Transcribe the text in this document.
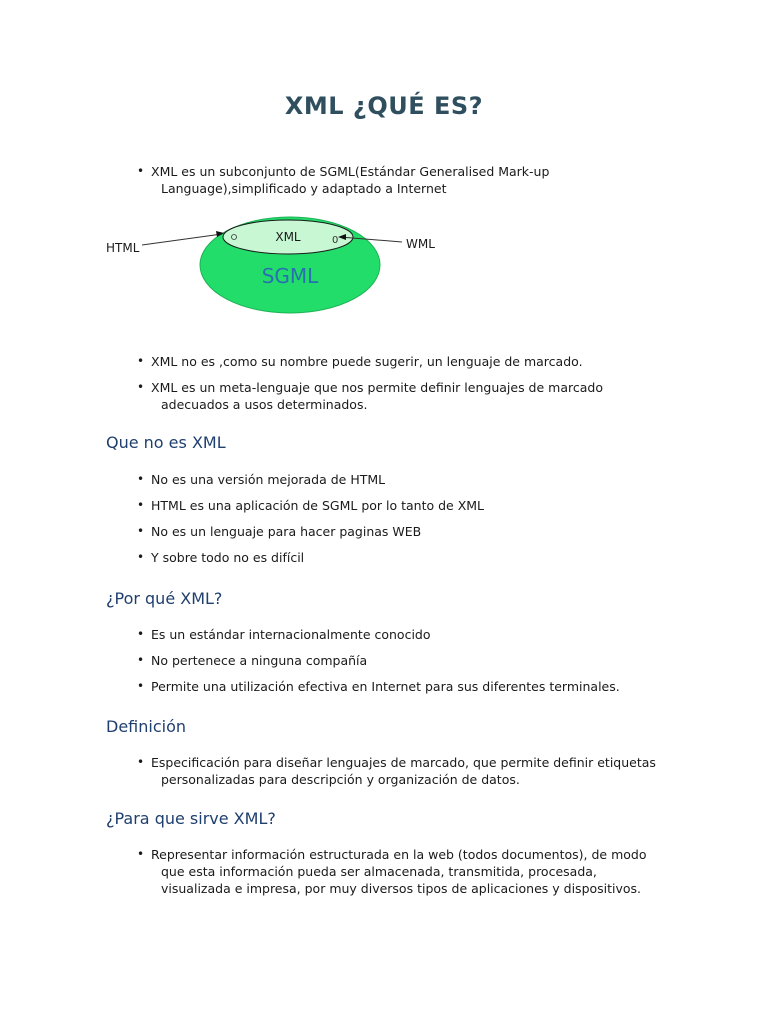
XML ¿QUÉ ES?
• XML es un subconjunto de SGML(Estándar Generalised Mark-up Language),simplificado y adaptado a Internet
0
HTML
XML	WML
SGML
• XML no es ,como su nombre puede sugerir, un lenguaje de marcado.
• XML es un meta-lenguaje que nos permite definir lenguajes de marcado adecuados a usos determinados.
Que no es XML
• No es una versión mejorada de HTML
• HTML es una aplicación de SGML por lo tanto de XML
• No es un lenguaje para hacer paginas WEB
• Y sobre todo no es difícil
¿Por qué XML?
• Es un estándar internacionalmente conocido
• No pertenece a ninguna compañía
• Permite una utilización efectiva en Internet para sus diferentes terminales.
Definición
• Especificación para diseñar lenguajes de marcado, que permite definir etiquetas personalizadas para descripción y organización de datos.
¿Para que sirve XML?
• Representar información estructurada en la web (todos documentos), de modo que esta información pueda ser almacenada, transmitida, procesada, visualizada e impresa, por muy diversos tipos de aplicaciones y dispositivos.
